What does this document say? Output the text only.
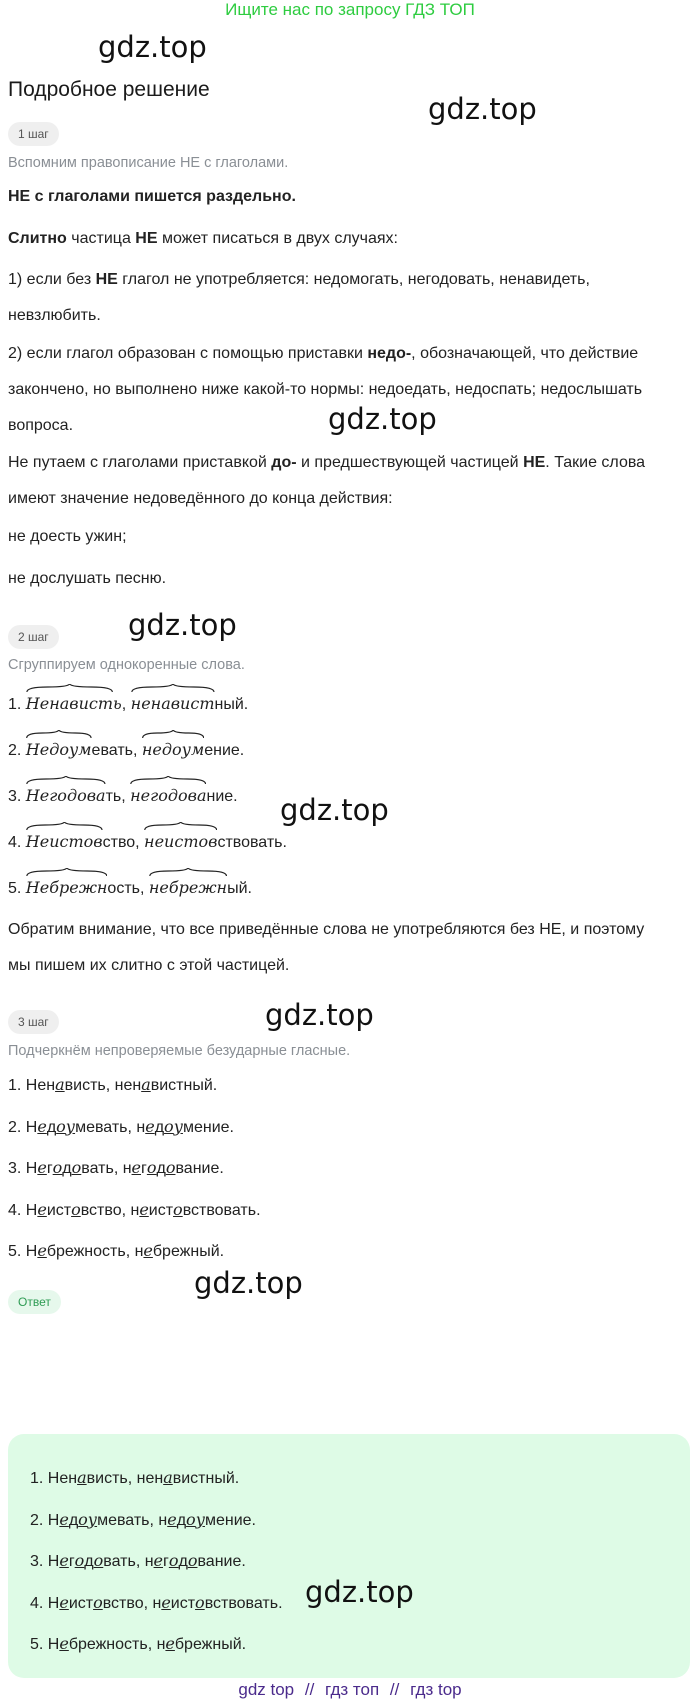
Ищите нас по запросу ГДЗ ТОП
gdz.top
Подробное решение
gdz.top
1 шаг
Вспомним правописание НЕ с глаголами.
НЕ с глаголами пишется раздельно.
Слитно частица НЕ может писаться в двух случаях:
1) если без НЕ глагол не употребляется: недомогать, негодовать, ненавидеть, невзлюбить.
2) если глагол образован с помощью приставки недо-, обозначающей, что действие закончено, но выполнено ниже какой-то нормы: недоедать, недоспать; недослышать вопроса.	gdz.top
Не путаем с глаголами приставкой до- и предшествующей частицей НЕ. Такие слова имеют значение недоведённого до конца действия:
не доесть ужин;
не дослушать песню.
2 шаг	gdz.top
Сгруппируем однокоренные слова.
1.
Ненависть,
ненавистный.
2.
Недоумевать,
недоумение.
3.
Негодовать,
негодование. gdz.top
4.
Неистовство,
неистовствовать.
5.
Небрежность,
небрежный.
Обратим внимание, что все приведённые слова не употребляются без НЕ, и поэтому мы пишем их слитно с этой частицей.
3 шаг	gdz.top
Подчеркнём непроверяемые безударные гласные.
1. Ненависть, ненавистный.
2. Недоумевать, недоумение.
3. Негодовать, негодование.
4. Неистовство, неистовствовать.
5. Небрежность, небрежный.
gdz.top
Ответ
1. Ненависть, ненавистный.
2. Недоумевать, недоумение.
3. Негодовать, негодование.
gdz.top
4. Неистовство, неистовствовать.
5. Небрежность, небрежный.
gdz top // гдз топ // гдз top
